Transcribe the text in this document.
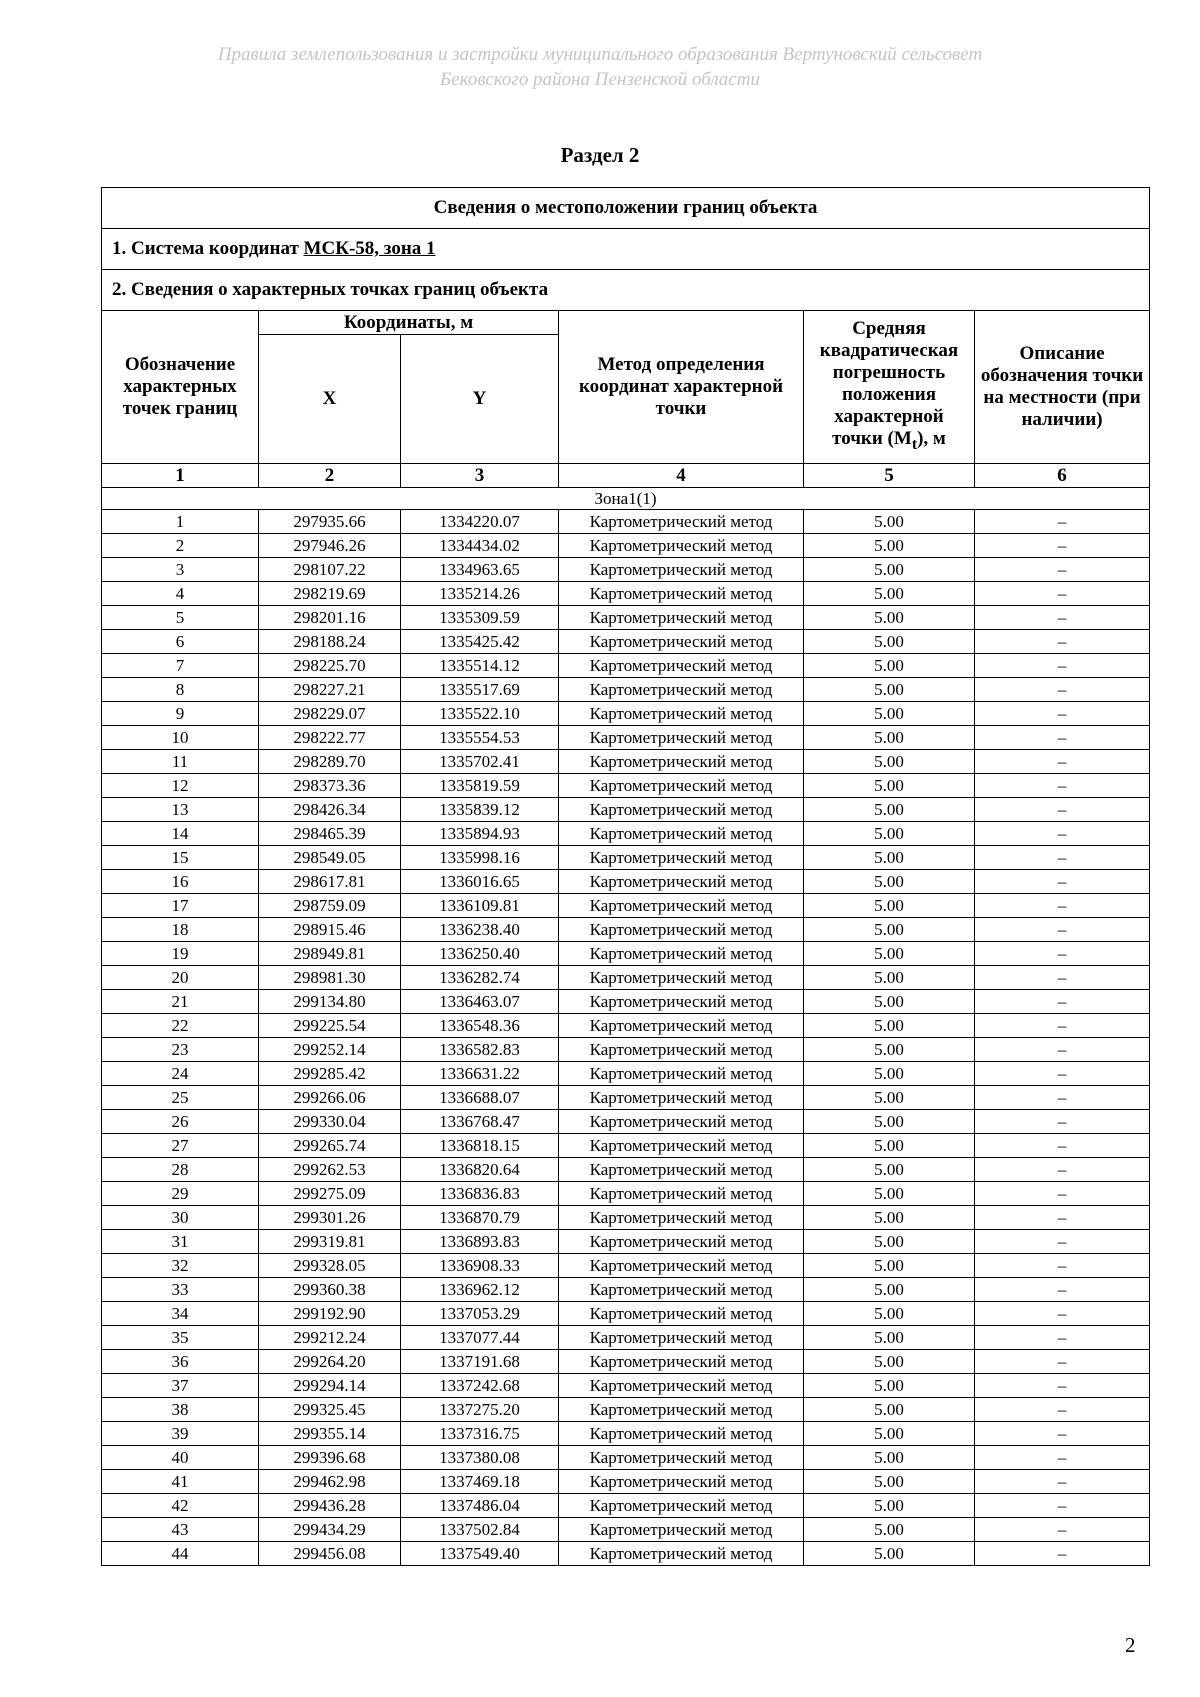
Правила землепользования и застройки муниципального образования Вертуновский сельсовет
Бековского района Пензенской области
Раздел 2
Сведения о местоположении границ объекта					
1. Система координат МСК-58, зона 1					
2. Сведения о характерных точках границ объекта					
Обозначение характерных точек границ	Координаты, м		Метод определения координат характерной точки	Средняя квадратическая погрешность положения характерной точки $(М_t)$, м	Описание обозначения точки на местности (при наличии)
	X	Y			
1	2	3	4	5	6
Зона1(1)					
1	297935.66	1334220.07	Картометрический метод	5.00	–
2	297946.26	1334434.02	Картометрический метод	5.00	–
3	298107.22	1334963.65	Картометрический метод	5.00	–
4	298219.69	1335214.26	Картометрический метод	5.00	–
5	298201.16	1335309.59	Картометрический метод	5.00	–
6	298188.24	1335425.42	Картометрический метод	5.00	–
7	298225.70	1335514.12	Картометрический метод	5.00	–
8	298227.21	1335517.69	Картометрический метод	5.00	–
9	298229.07	1335522.10	Картометрический метод	5.00	–
10	298222.77	1335554.53	Картометрический метод	5.00	–
11	298289.70	1335702.41	Картометрический метод	5.00	–
12	298373.36	1335819.59	Картометрический метод	5.00	–
13	298426.34	1335839.12	Картометрический метод	5.00	–
14	298465.39	1335894.93	Картометрический метод	5.00	–
15	298549.05	1335998.16	Картометрический метод	5.00	–
16	298617.81	1336016.65	Картометрический метод	5.00	–
17	298759.09	1336109.81	Картометрический метод	5.00	–
18	298915.46	1336238.40	Картометрический метод	5.00	–
19	298949.81	1336250.40	Картометрический метод	5.00	–
20	298981.30	1336282.74	Картометрический метод	5.00	–
21	299134.80	1336463.07	Картометрический метод	5.00	–
22	299225.54	1336548.36	Картометрический метод	5.00	–
23	299252.14	1336582.83	Картометрический метод	5.00	–
24	299285.42	1336631.22	Картометрический метод	5.00	–
25	299266.06	1336688.07	Картометрический метод	5.00	–
26	299330.04	1336768.47	Картометрический метод	5.00	–
27	299265.74	1336818.15	Картометрический метод	5.00	–
28	299262.53	1336820.64	Картометрический метод	5.00	–
29	299275.09	1336836.83	Картометрический метод	5.00	–
30	299301.26	1336870.79	Картометрический метод	5.00	–
31	299319.81	1336893.83	Картометрический метод	5.00	–
32	299328.05	1336908.33	Картометрический метод	5.00	–
33	299360.38	1336962.12	Картометрический метод	5.00	–
34	299192.90	1337053.29	Картометрический метод	5.00	–
35	299212.24	1337077.44	Картометрический метод	5.00	–
36	299264.20	1337191.68	Картометрический метод	5.00	–
37	299294.14	1337242.68	Картометрический метод	5.00	–
38	299325.45	1337275.20	Картометрический метод	5.00	–
39	299355.14	1337316.75	Картометрический метод	5.00	–
40	299396.68	1337380.08	Картометрический метод	5.00	–
41	299462.98	1337469.18	Картометрический метод	5.00	–
42	299436.28	1337486.04	Картометрический метод	5.00	–
43	299434.29	1337502.84	Картометрический метод	5.00	–
44	299456.08	1337549.40	Картометрический метод	5.00	–
2
